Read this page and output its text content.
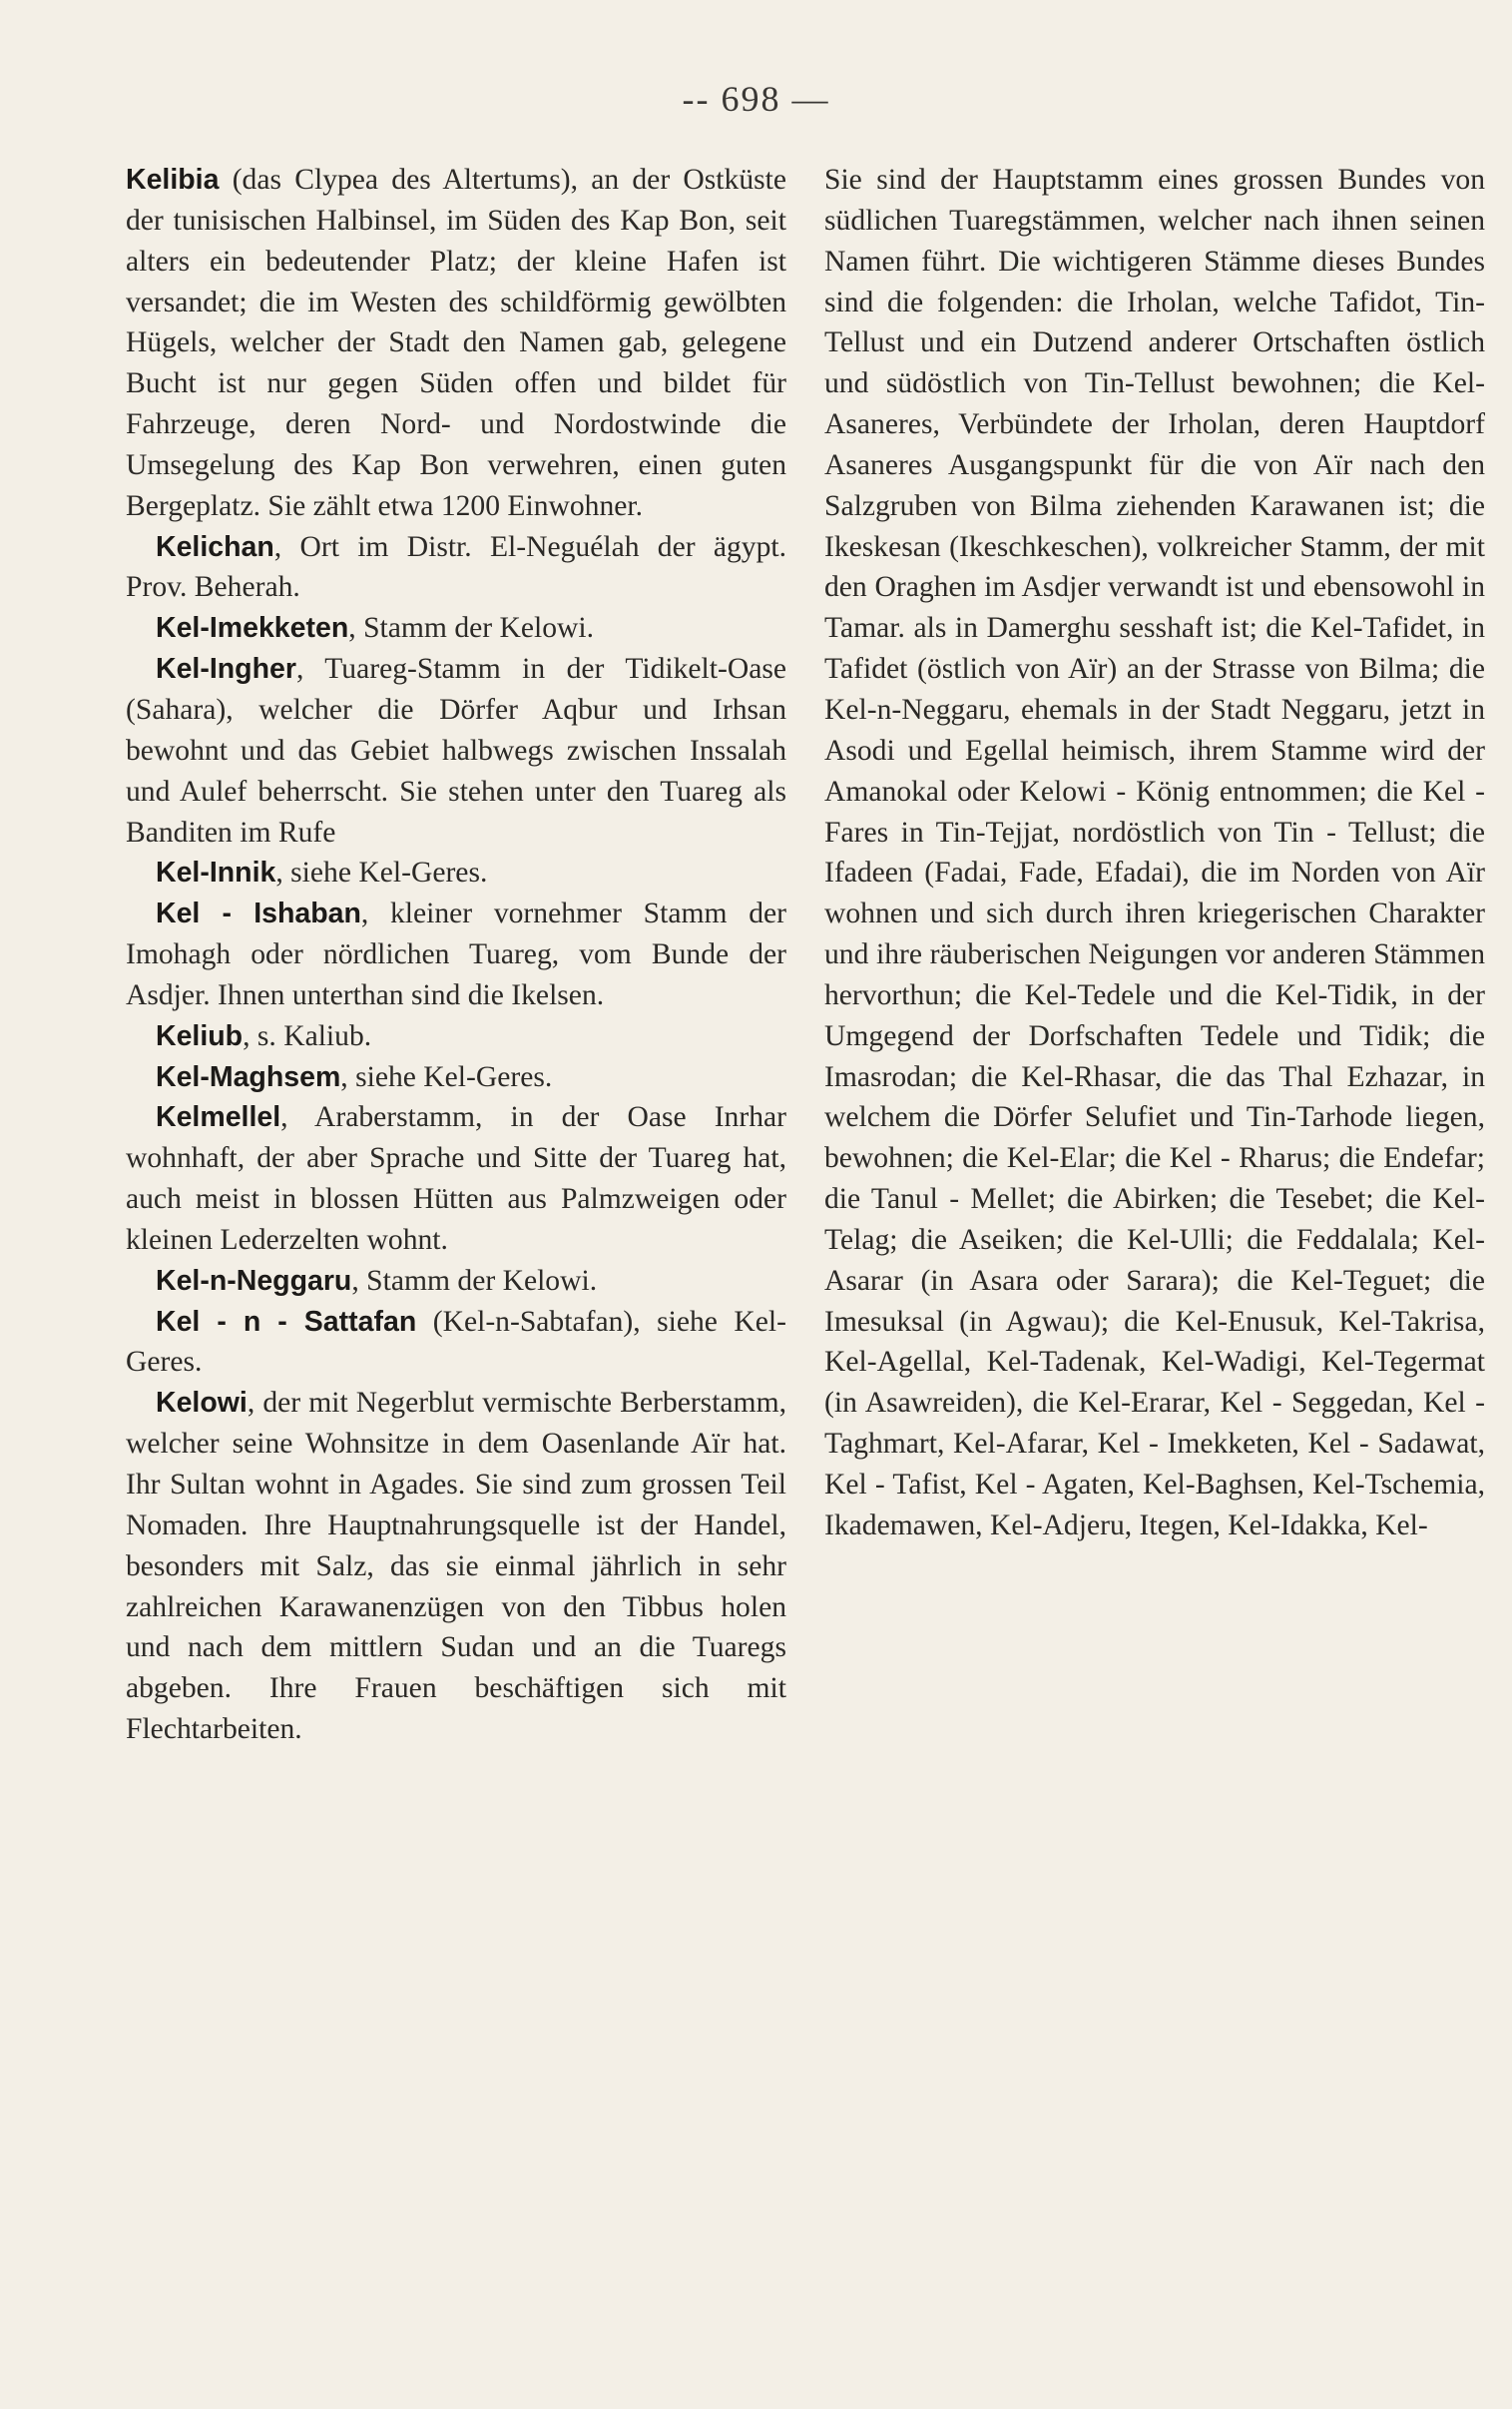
-- 698 —

Kelibia (das Clypea des Altertums), an der Ostküste der tunisischen Halbinsel, im Süden des Kap Bon, seit alters ein bedeutender Platz; der kleine Hafen ist versandet; die im Westen des schildförmig gewölbten Hügels, welcher der Stadt den Namen gab, gelegene Bucht ist nur gegen Süden offen und bildet für Fahrzeuge, deren Nord- und Nordostwinde die Umsegelung des Kap Bon verwehren, einen guten Bergeplatz. Sie zählt etwa 1200 Einwohner.

Kelichan, Ort im Distr. El-Neguélah der ägypt. Prov. Beherah.

Kel-Imekketen, Stamm der Kelowi.

Kel-Ingher, Tuareg-Stamm in der Tidikelt-Oase (Sahara), welcher die Dörfer Aqbur und Irhsan bewohnt und das Gebiet halbwegs zwischen Inssalah und Aulef beherrscht. Sie stehen unter den Tuareg als Banditen im Rufe

Kel-Innik, siehe Kel-Geres.

Kel - Ishaban, kleiner vornehmer Stamm der Imohagh oder nördlichen Tuareg, vom Bunde der Asdjer. Ihnen unterthan sind die Ikelsen.

Keliub, s. Kaliub.

Kel-Maghsem, siehe Kel-Geres.

Kelmellel, Araberstamm, in der Oase Inrhar wohnhaft, der aber Sprache und Sitte der Tuareg hat, auch meist in blossen Hütten aus Palmzweigen oder kleinen Lederzelten wohnt.

Kel-n-Neggaru, Stamm der Kelowi.

Kel - n - Sattafan (Kel-n-Sabtafan), siehe Kel-Geres.

Kelowi, der mit Negerblut vermischte Berberstamm, welcher seine Wohnsitze in dem Oasenlande Aïr hat. Ihr Sultan wohnt in Agades. Sie sind zum grossen Teil Nomaden. Ihre Hauptnahrungsquelle ist der Handel, besonders mit Salz, das sie einmal jährlich in sehr zahlreichen Karawanenzügen von den Tibbus holen und nach dem mittlern Sudan und an die Tuaregs abgeben. Ihre Frauen beschäftigen sich mit Flechtarbeiten.

Sie sind der Hauptstamm eines grossen Bundes von südlichen Tuaregstämmen, welcher nach ihnen seinen Namen führt. Die wichtigeren Stämme dieses Bundes sind die folgenden: die Irholan, welche Tafidot, Tin-Tellust und ein Dutzend anderer Ortschaften östlich und südöstlich von Tin-Tellust bewohnen; die Kel-Asaneres, Verbündete der Irholan, deren Hauptdorf Asaneres Ausgangspunkt für die von Aïr nach den Salzgruben von Bilma ziehenden Karawanen ist; die Ikeskesan (Ikeschkeschen), volkreicher Stamm, der mit den Oraghen im Asdjer verwandt ist und ebensowohl in Tamar. als in Damerghu sesshaft ist; die Kel-Tafidet, in Tafidet (östlich von Aïr) an der Strasse von Bilma; die Kel-n-Neggaru, ehemals in der Stadt Neggaru, jetzt in Asodi und Egellal heimisch, ihrem Stamme wird der Amanokal oder Kelowi - König entnommen; die Kel - Fares in Tin-Tejjat, nordöstlich von Tin - Tellust; die Ifadeen (Fadai, Fade, Efadai), die im Norden von Aïr wohnen und sich durch ihren kriegerischen Charakter und ihre räuberischen Neigungen vor anderen Stämmen hervorthun; die Kel-Tedele und die Kel-Tidik, in der Umgegend der Dorfschaften Tedele und Tidik; die Imasrodan; die Kel-Rhasar, die das Thal Ezhazar, in welchem die Dörfer Selufiet und Tin-Tarhode liegen, bewohnen; die Kel-Elar; die Kel - Rharus; die Endefar; die Tanul - Mellet; die Abirken; die Tesebet; die Kel-Telag; die Aseiken; die Kel-Ulli; die Feddalala; Kel-Asarar (in Asara oder Sarara); die Kel-Teguet; die Imesuksal (in Agwau); die Kel-Enusuk, Kel-Takrisa, Kel-Agellal, Kel-Tadenak, Kel-Wadigi, Kel-Tegermat (in Asawreiden), die Kel-Erarar, Kel - Seggedan, Kel - Taghmart, Kel-Afarar, Kel - Imekketen, Kel - Sadawat, Kel - Tafist, Kel - Agaten, Kel-Baghsen, Kel-Tschemia, Ikademawen, Kel-Adjeru, Itegen, Kel-Idakka, Kel-
